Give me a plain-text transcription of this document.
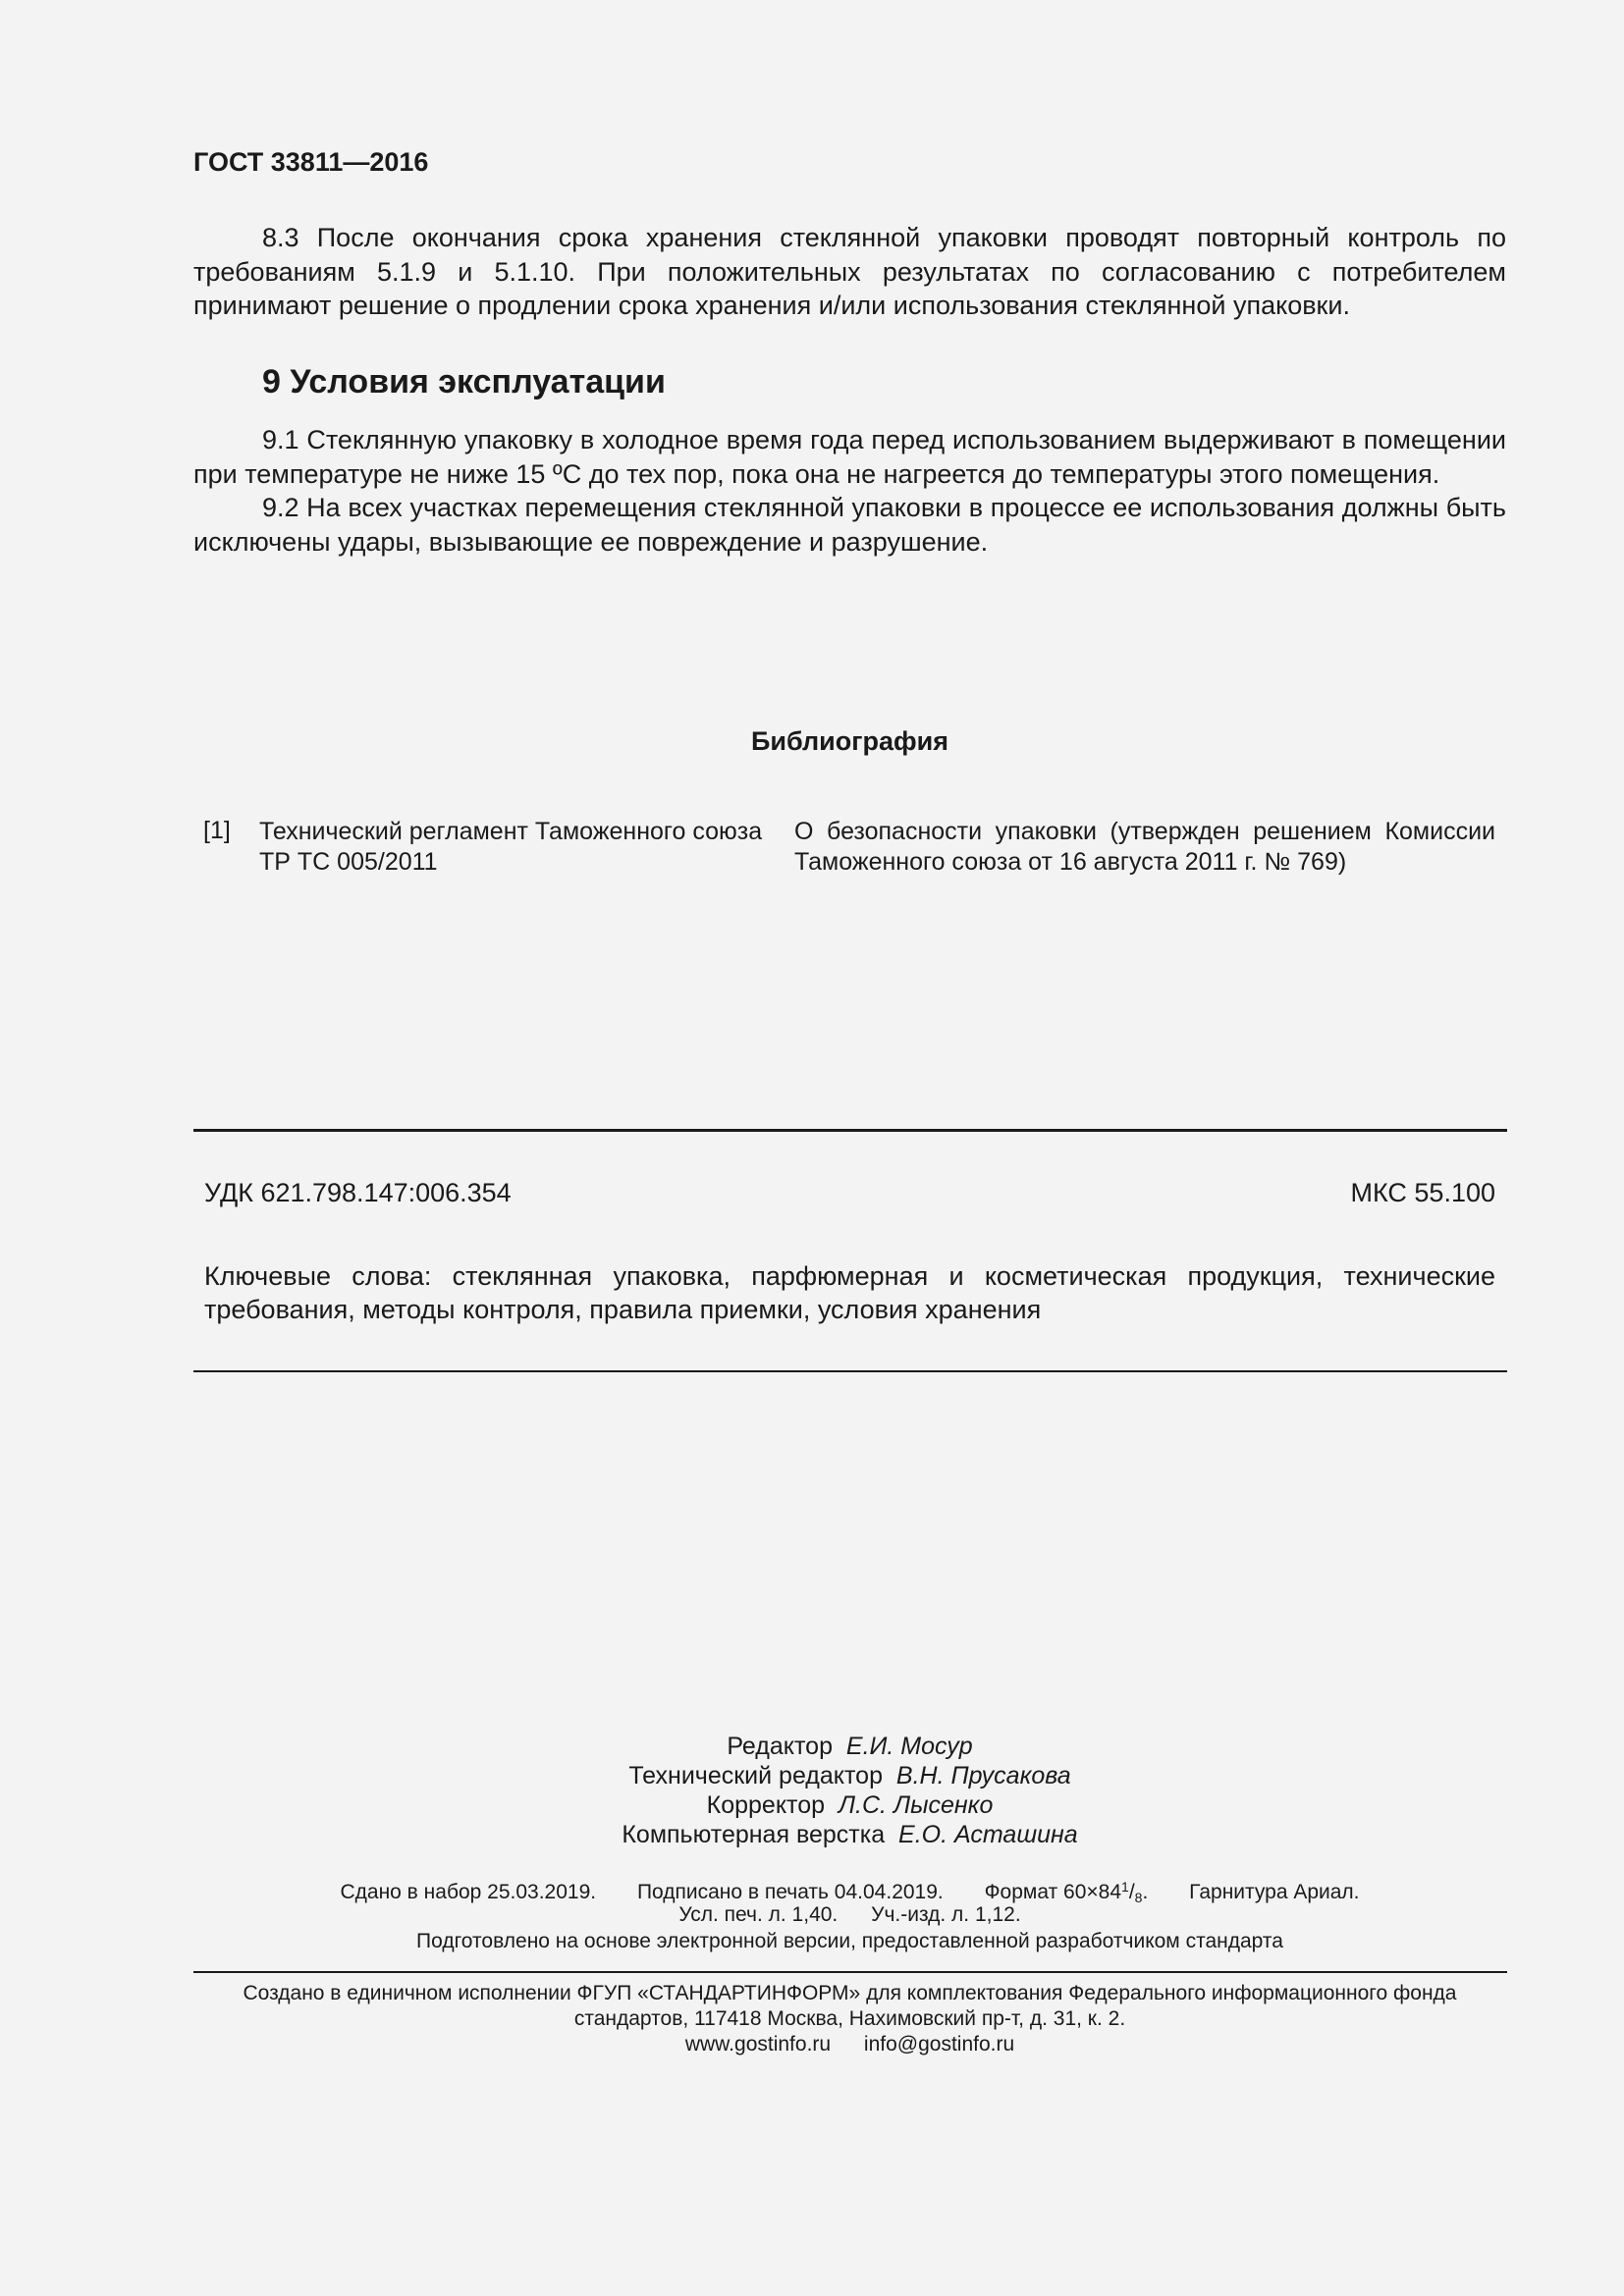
ГОСТ 33811—2016

8.3 После окончания срока хранения стеклянной упаковки проводят повторный контроль по требованиям 5.1.9 и 5.1.10. При положительных результатах по согласованию с потребителем принимают решение о продлении срока хранения и/или использования стеклянной упаковки.

9 Условия эксплуатации

9.1 Стеклянную упаковку в холодное время года перед использованием выдерживают в помещении при температуре не ниже 15 ºС до тех пор, пока она не нагреется до температуры этого помещения.

9.2 На всех участках перемещения стеклянной упаковки в процессе ее использования должны быть исключены удары, вызывающие ее повреждение и разрушение.

Библиография
[1] Технический регламент Таможенного союза ТР ТС 005/2011
О безопасности упаковки (утвержден решением Комиссии Таможенного союза от 16 августа 2011 г. № 769)
УДК 621.798.147:006.354	МКС 55.100
Ключевые слова: стеклянная упаковка, парфюмерная и косметическая продукция, технические требования, методы контроля, правила приемки, условия хранения
Редактор Е.И. Мосур
Технический редактор В.Н. Прусакова
Корректор Л.С. Лысенко
Компьютерная верстка Е.О. Асташина
Сдано в набор 25.03.2019. Подписано в печать 04.04.2019. Формат $60\times 84^1/8$. Гарнитура Ариал.
Усл. печ. л. 1,40. Уч.-изд. л. 1,12.
Подготовлено на основе электронной версии, предоставленной разработчиком стандарта
Создано в единичном исполнении ФГУП «СТАНДАРТИНФОРМ» для комплектования Федерального информационного фонда
стандартов, 117418 Москва, Нахимовский пр-т, д. 31, к. 2.
www.gostinfo.ru info@gostinfo.ru
